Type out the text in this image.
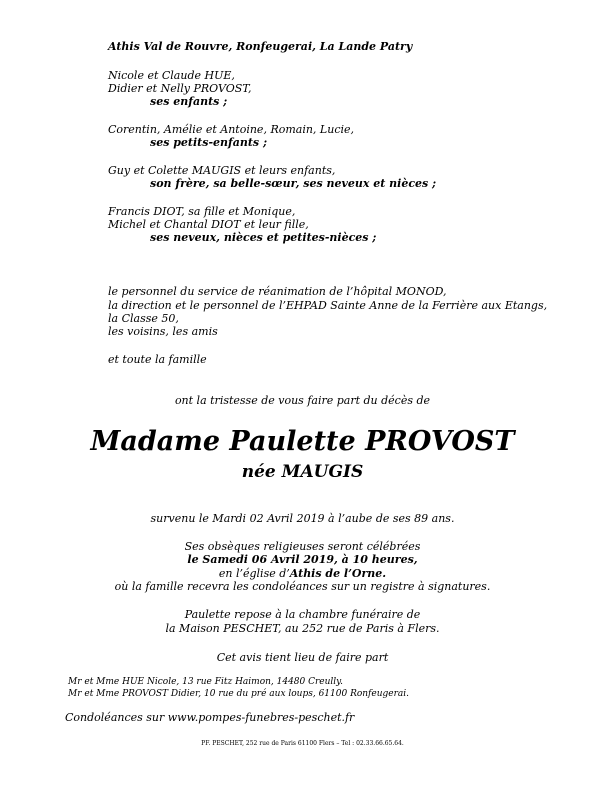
Athis Val de Rouvre, Ronfeugerai, La Lande Patry
Nicole et Claude HUE,
Didier et Nelly PROVOST,
ses enfants ;
Corentin, Amélie et Antoine, Romain, Lucie,
ses petits-enfants ;
Guy et Colette MAUGIS et leurs enfants,
son frère, sa belle-sœur, ses neveux et nièces ;
Francis DIOT, sa fille et Monique,
Michel et Chantal DIOT et leur fille,
ses neveux, nièces et petites-nièces ;
le personnel du service de réanimation de l’hôpital MONOD,
la direction et le personnel de l’EHPAD Sainte Anne de la Ferrière aux Etangs,
la Classe 50,
les voisins, les amis
et toute la famille
ont la tristesse de vous faire part du décès de
Madame Paulette PROVOST
née MAUGIS
survenu le Mardi 02 Avril 2019 à l’aube de ses 89 ans.
Ses obsèques religieuses seront célébrées
le Samedi 06 Avril 2019, à 10 heures,
en l’église d’Athis de l’Orne.
où la famille recevra les condoléances sur un registre à signatures.
Paulette repose à la chambre funéraire de
la Maison PESCHET, au 252 rue de Paris à Flers.
Cet avis tient lieu de faire part
Mr et Mme HUE Nicole, 13 rue Fitz Haimon, 14480 Creully.
Mr et Mme PROVOST Didier, 10 rue du pré aux loups, 61100 Ronfeugerai.
Condoléances sur www.pompes-funebres-peschet.fr
PF. PESCHET, 252 rue de Paris 61100 Flers – Tel : 02.33.66.65.64.
